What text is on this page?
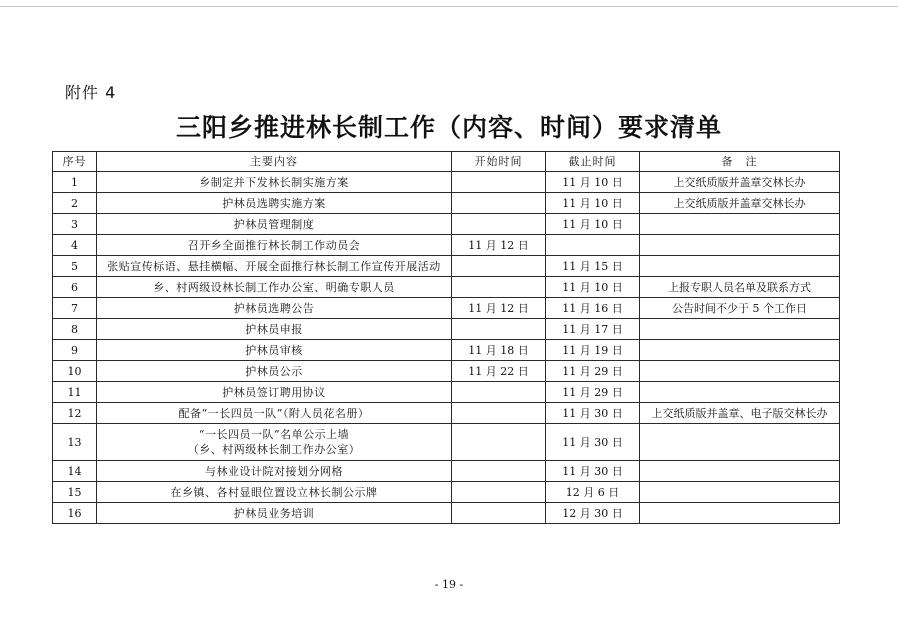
附件 4
三阳乡推进林长制工作（内容、时间）要求清单
序号	主要内容	开始时间	截止时间	备　注
1	乡制定并下发林长制实施方案		11 月 10 日	上交纸质版并盖章交林长办
2	护林员选聘实施方案		11 月 10 日	上交纸质版并盖章交林长办
3	护林员管理制度		11 月 10 日	
4	召开乡全面推行林长制工作动员会	11 月 12 日		
5	张贴宣传标语、悬挂横幅、开展全面推行林长制工作宣传开展活动		11 月 15 日	
6	乡、村两级设林长制工作办公室、明确专职人员		11 月 10 日	上报专职人员名单及联系方式
7	护林员选聘公告	11 月 12 日	11 月 16 日	公告时间不少于 5 个工作日
8	护林员申报		11 月 17 日	
9	护林员审核	11 月 18 日	11 月 19 日	
10	护林员公示	11 月 22 日	11 月 29 日	
11	护林员签订聘用协议		11 月 29 日	
12	配备“一长四员一队”（附人员花名册）		11 月 30 日	上交纸质版并盖章、电子版交林长办
13	“一长四员一队”名单公示上墙
（乡、村两级林长制工作办公室）		11 月 30 日	
14	与林业设计院对接划分网格		11 月 30 日	
15	在乡镇、各村显眼位置设立林长制公示牌		12 月 6 日	
16	护林员业务培训		12 月 30 日	
- 19 -
